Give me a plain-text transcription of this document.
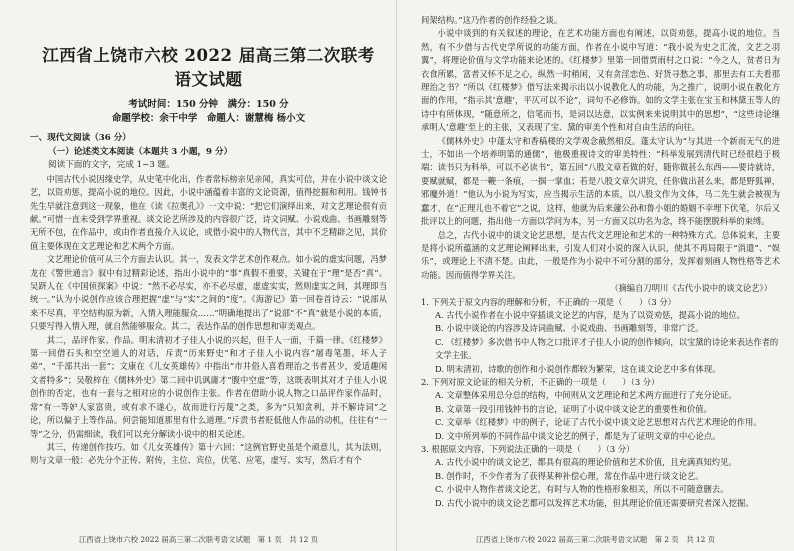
江西省上饶市六校 2022 届高三第二次联考
语文试题
考试时间：150 分钟　满分：150 分
命题学校：余干中学　命题人：谢慧梅 杨小文
一、现代文阅读（36 分）
（一）论述类文本阅读（本题共 3 小题，9 分）
阅读下面的文字，完成 1~3 题。

中国古代小说因缘史学，从史笔中化出，作者常标榜亲见亲闻，真实可信，并在小说中谈文论艺，以资劝惩，提高小说的地位。因此，小说中涵蕴着丰富的文论资源，值得挖掘和利用。钱钟书先生早就注意到这一现象，他在《读《拉奥孔》》一文中说：“把它们演绎出来，对文艺理论很有贡献。”可惜一直未受到学界重视。谈文论艺所涉及的内容很广泛，诗文词赋、小说戏曲、书画雕刻等无所不包，在作品中，或由作者直接介入议论，或借小说中的人物代言，其中不乏精辟之见，其价值主要体现在文艺理论和艺术两个方面。

文艺理论价值可从三个方面去认识。其一，发表文学艺术创作观点。如小说的虚实问题，冯梦龙在《警世通言》叙中有过精彩论述，指出小说中的“事”真假不重要，关键在于“理”是否“真”。吴趼人在《中国侦探案》中说：“然不必尽实，亦不必尽虚，虚虚实实，然则虚实之间，其理即当统一。”认为小说创作应该合理把握“虚”与“实”之间的“度”。《海游记》第一回卷首诗云：“说部从来不尽真，平空结构原为新，入情入理能服众……”明确地提出了“说部”不“真”就是小说的本质，只要写得入情入理，就自然能够服众。其二，表达作品的创作思想和审美观点。

其二，品评作家、作品。明末清初才子佳人小说的兴起，但千人一面，千篇一律。《红楼梦》第一回借石头和空空道人的对话，斥责“历来野史”和才子佳人小说内容“屠毒笔墨，坏人子弟”，“千部共出一套”；文康在《儿女英雄传》中指出“市井俗人喜看理治之书者甚少，爱适趣闲文者特多”；吴敬梓在《儒林外史》第二回中讥讽庸才“腹中空虚”等，这既表明其对才子佳人小说创作的否定，也有一套与之相对应的小说创作主张。作者在借助小说人物之口品评作家作品时，常“有一等妒人家富贵，或有求不遂心，故而进行污蔑”之类，多为“只知贪利，并不解诗词”之论，所以偏于上等作品。何尝能知道那里有什么道理。”斥责书者贬低他人作品的动机，往往有“一等”之分，仍需细读，我们可以充分解读小说中的相关论述。

其三，传递创作技巧。如《儿女英雄传》第十六回：“这例官野史虽是个顽意儿，其为法则，则与文章一般：必先分个正传、附传，主位、宾位，伏笔、应笔，虚写、实写，然后才有个

江西省上饶市六校 2022 届高三第二次联考语文试题　第 1 页　共 12 页

间架结构。”这乃作者的创作经验之谈。

小说中谈到的有关叙述的理论，在艺术功能方面也有阐述，以资劝惩，提高小说的地位。当然，有不少借与古代史学所说的功能方面，作者在小说中写道：“我小说为史之汇流，文艺之羽翼”，将理论价值与文学功能来论述的。《红楼梦》里第一回借贾雨村之口说：“今之人，贫者日为衣食所累，富者又怀不足之心，纵然一时稍闲，又有贪淫恋色、好货寻愁之事，那里去有工夫看那理治之书？”所以《红楼梦》借写法来揭示出以小说教化人的功能，为之推广，说明小说在教化方面的作用，“指示其‘意趣’，平仄可以不论”，词句不必修饰。如的文学主张在宝玉和林黛玉等人的诗中有所体现，“随意所之，信笔而书，是词以达意，以实例来来说明其中的思想”，“这些诗论继承明人‘意趣’至上的主张，又表现了宝、黛的审美个性和对自由生活的向往。

《儒林外史》中蓬太守和香稿楼的文学观念截然相反。蓬太守认为“与其进一个新而无气的进士，不如出一个培养明第的通儒”，他极重视诗文的审美特性：“科举发展到清代时已经很趋于极端：读书只为科举，可以不必读书”，第五回“八股文章若做的好，随你做甚么东西——要诗就诗，要赋就赋，都是一鞭一条痕，一掴一掌血；若是八股文章欠讲究，任你做出甚么来，都是野狐禅，邪魔外道！”他认为小说为写实，应当揭示生活的本质，以八股文作为文体，马二先生就会被视为蠢才，在“正理儿也不着它”之说，这样，他就为后来蘧公孙和鲁小姐的婚姻不幸埋下伏笔，尔后又批评以上的问题，指出他一方面以学问为本，另一方面又以功名为念，终不能摆脱科举的束缚。

总之，古代小说中的谈文论艺思想，是古代文艺理论和艺术的一种特殊方式。总体说来，主要是将小说所蕴涵的文艺理论阐释出来，引发人们对小说的深入认识，使其不再局限于“消遣”、“娱乐”，或理论上不清不楚。由此，一般是作为小说中不可分割的部分，发挥着刻画人物性格等艺术功能。因而值得学界关注。

（摘编自刀明川《古代小说中的谈文论艺》）

1. 下列关于原文内容的理解和分析，不正确的一项是（　　）（3 分）

A. 古代小说作者在小说中穿插谈文论艺的内容，是为了以资劝惩，提高小说的地位。

B. 小说中谈论的内容涉及诗词曲赋、小说戏曲、书画雕刻等，非常广泛。

C. 《红楼梦》多次借书中人物之口批评才子佳人小说的创作倾向，以宝黛的诗论来表达作者的文学主张。

D. 明末清初，诗歌的创作和小说创作都较为繁荣，这在谈文论艺中多有体现。

2. 下列对原文论证的相关分析，不正确的一项是（　　）（3 分）

A. 文章整体采用总分总的结构，中间则从文艺理论和艺术两方面进行了充分论证。

B. 文章第一段引用钱钟书的言论，证明了小说中谈文论艺的重要性和价值。

C. 文章举《红楼梦》中的例子，论证了古代小说中谈文论艺思想对古代艺术理论的作用。

D. 文中所列举的不同作品中谈文论艺的例子，都是为了证明文章的中心论点。

3. 根据原文内容，下列说法正确的一项是（　　）（3 分）

A. 古代小说中的谈文论艺，都具有很高的理论价值和艺术价值，且充满真知灼见。

B. 创作时，不少作者为了获得某种补偿心理，常在作品中进行谈文论艺。

C. 小说中人物作者谈文论艺，有时与人物的性格形象相关，所以不可随意删去。

D. 古代小说中的谈文论艺都可以发挥艺术功能，但其理论价值还需要研究者深入挖掘。

江西省上饶市六校 2022 届高三第二次联考语文试题　第 2 页　共 12 页
